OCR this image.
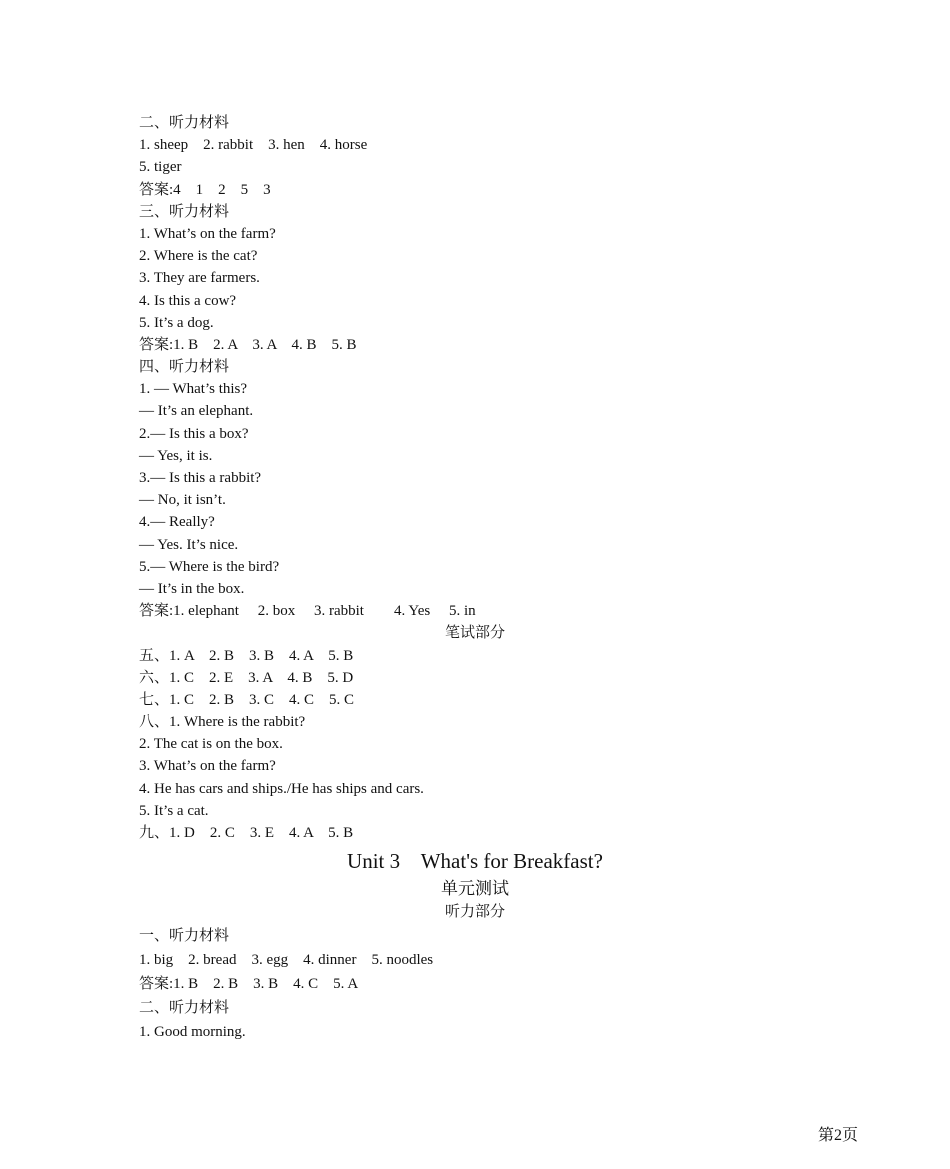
二、听力材料
1. sheep    2. rabbit    3. hen    4. horse
5. tiger
答案:4    1    2    5    3
三、听力材料
1. What’s on the farm?
2. Where is the cat?
3. They are farmers.
4. Is this a cow?
5. It’s a dog.
答案:1. B    2. A    3. A    4. B    5. B
四、听力材料
1. — What’s this?
— It’s an elephant.
2.— Is this a box?
— Yes, it is.
3.— Is this a rabbit?
— No, it isn’t.
4.— Really?
— Yes. It’s nice.
5.— Where is the bird?
— It’s in the box.
答案:1. elephant     2. box     3. rabbit        4. Yes     5. in
笔试部分
五、1. A    2. B    3. B    4. A    5. B
六、1. C    2. E    3. A    4. B    5. D
七、1. C    2. B    3. C    4. C    5. C
八、1. Where is the rabbit?
2. The cat is on the box.
3. What’s on the farm?
4. He has cars and ships./He has ships and cars.
5. It’s a cat.
九、1. D    2. C    3. E    4. A    5. B
Unit 3    What's for Breakfast?
单元测试
听力部分
一、听力材料
1. big    2. bread    3. egg    4. dinner    5. noodles
答案:1. B    2. B    3. B    4. C    5. A
二、听力材料
1. Good morning.
第2页
